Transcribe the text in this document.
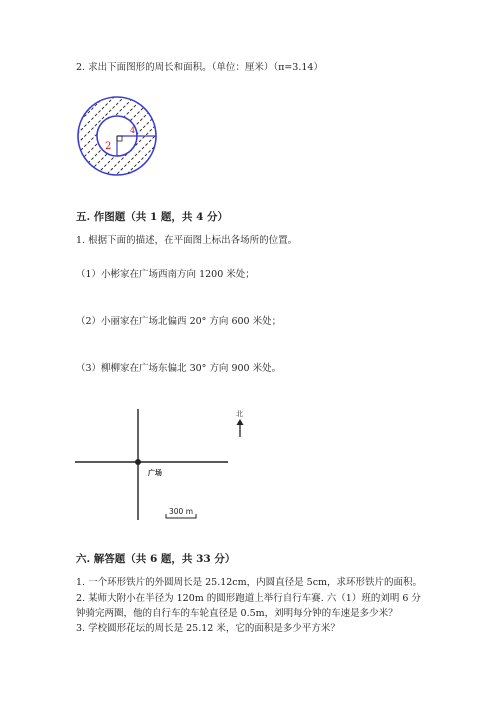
2. 求出下面图形的周长和面积。（单位：厘米）（π=3.14）
2
4
五. 作图题（共 1 题，共 4 分）
1. 根据下面的描述，在平面图上标出各场所的位置。
（1）小彬家在广场西南方向 1200 米处；
（2）小丽家在广场北偏西 20° 方向 600 米处；
（3）柳柳家在广场东偏北 30° 方向 900 米处。
广场
北
300 m
六. 解答题（共 6 题，共 33 分）
1. 一个环形铁片的外圆周长是 25.12cm，内圆直径是 5cm，求环形铁片的面积。
2. 某师大附小在半径为 120m 的圆形跑道上举行自行车赛. 六（1）班的刘明 6 分
钟骑完两圈，他的自行车的车轮直径是 0.5m，刘明每分钟的车速是多少米？
3. 学校圆形花坛的周长是 25.12 米，它的面积是多少平方米？
